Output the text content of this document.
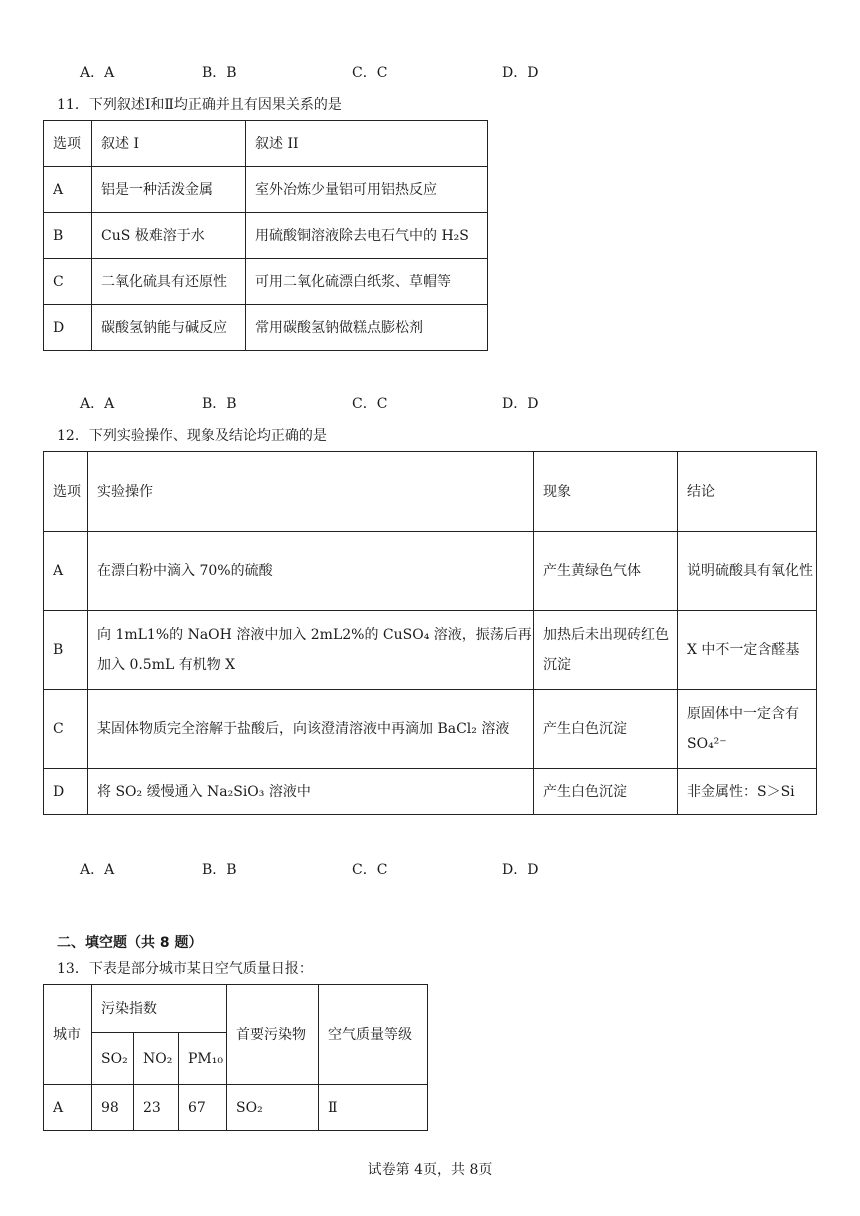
A．A	B．B	C．C	D．D
11．下列叙述Ⅰ和Ⅱ均正确并且有因果关系的是
选项	叙述 I	叙述 II
A	铝是一种活泼金属	室外冶炼少量铝可用铝热反应
B	CuS 极难溶于水	用硫酸铜溶液除去电石气中的 H₂S
C	二氧化硫具有还原性	可用二氧化硫漂白纸浆、草帽等
D	碳酸氢钠能与碱反应	常用碳酸氢钠做糕点膨松剂
A．A	B．B	C．C	D．D
12．下列实验操作、现象及结论均正确的是
选项	实验操作	现象	结论
A	在漂白粉中滴入 70%的硫酸	产生黄绿色气体	说明硫酸具有氧化性
B	向 1mL1%的 NaOH 溶液中加入 2mL2%的 CuSO₄ 溶液，振荡后再加入 0.5mL 有机物 X	加热后未出现砖红色沉淀	X 中不一定含醛基
C	某固体物质完全溶解于盐酸后，向该澄清溶液中再滴加 BaCl₂ 溶液	产生白色沉淀	原固体中一定含有 SO₄²⁻
D	将 SO₂ 缓慢通入 Na₂SiO₃ 溶液中	产生白色沉淀	非金属性：S＞Si
A．A	B．B	C．C	D．D
二、填空题（共 8 题）
13．下表是部分城市某日空气质量日报：
城市	污染指数			首要污染物	空气质量等级
	SO₂	NO₂	PM₁₀		
A	98	23	67	SO₂	Ⅱ
试卷第 4页，共 8页
